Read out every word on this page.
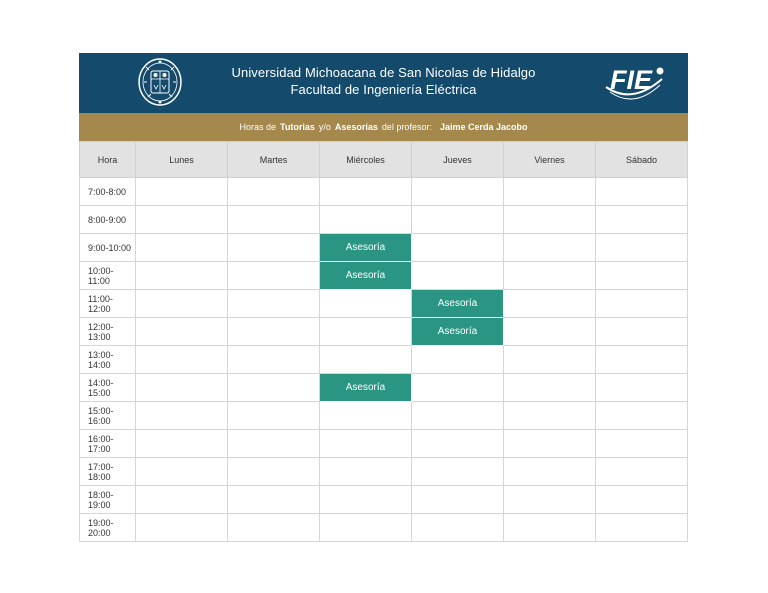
Universidad Michoacana de San Nicolas de Hidalgo
Facultad de Ingeniería Eléctrica	FIE
Horas de Tutorias y/o Asesorías del profesor: Jaime Cerda Jacobo
Hora	Lunes	Martes	Miércoles	Jueves	Viernes	Sábado
7:00-8:00						
8:00-9:00						
9:00-10:00			Asesoría			
10:00-11:00			Asesoría			
11:00-12:00				Asesoría		
12:00-13:00				Asesoría		
13:00-14:00						
14:00-15:00			Asesoría			
15:00-16:00						
16:00-17:00						
17:00-18:00						
18:00-19:00						
19:00-20:00						
